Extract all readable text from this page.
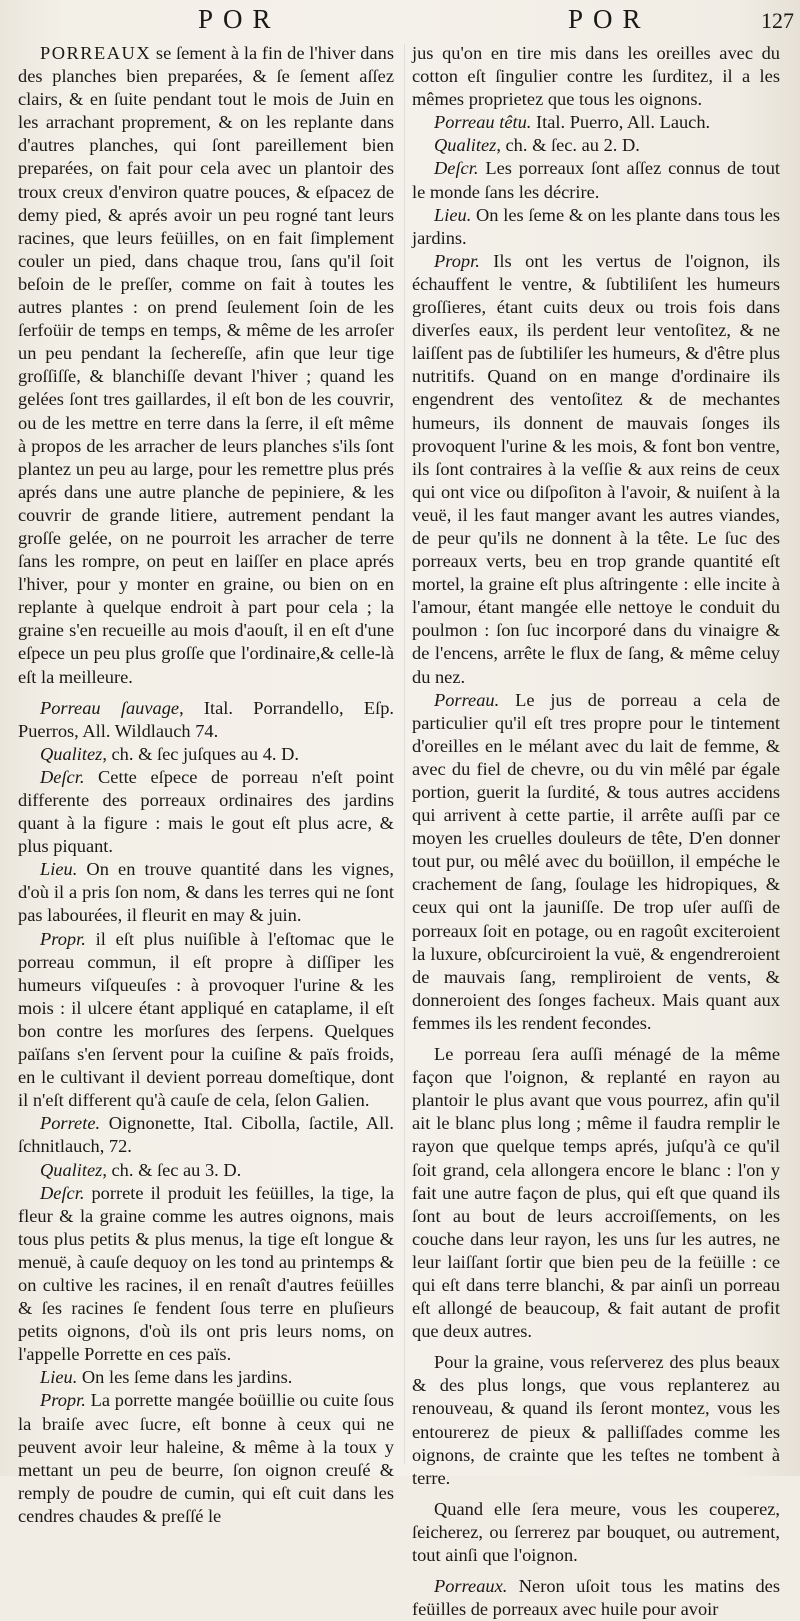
POR	POR	127

PORREAUX se ſement à la fin de l'hiver dans des planches bien preparées, & ſe ſement aſſez clairs, & en ſuite pendant tout le mois de Juin en les arrachant proprement, & on les replante dans d'autres planches, qui ſont pareillement bien preparées, on fait pour cela avec un plantoir des troux creux d'environ quatre pouces, & eſpacez de demy pied, & aprés avoir un peu rogné tant leurs racines, que leurs feüilles, on en fait ſimplement couler un pied, dans chaque trou, ſans qu'il ſoit beſoin de le preſſer, comme on fait à toutes les autres plantes : on prend ſeulement ſoin de les ſerfoüir de temps en temps, & même de les arroſer un peu pendant la ſechereſſe, afin que leur tige groſſiſſe, & blanchiſſe devant l'hiver ; quand les gelées ſont tres gaillardes, il eſt bon de les couvrir, ou de les mettre en terre dans la ſerre, il eſt même à propos de les arracher de leurs planches s'ils ſont plantez un peu au large, pour les remettre plus prés aprés dans une autre planche de pepiniere, & les couvrir de grande litiere, autrement pendant la groſſe gelée, on ne pourroit les arracher de terre ſans les rompre, on peut en laiſſer en place aprés l'hiver, pour y monter en graine, ou bien on en replante à quelque endroit à part pour cela ; la graine s'en recueille au mois d'aouſt, il en eſt d'une eſpece un peu plus groſſe que l'ordinaire,& celle-là eſt la meilleure.

Porreau ſauvage, Ital. Porrandello, Eſp. Puerros, All. Wildlauch 74.

Qualitez, ch. & ſec juſques au 4. D.

Deſcr. Cette eſpece de porreau n'eſt point differente des porreaux ordinaires des jardins quant à la figure : mais le gout eſt plus acre, & plus piquant.

Lieu. On en trouve quantité dans les vignes, d'où il a pris ſon nom, & dans les terres qui ne ſont pas labourées, il fleurit en may & juin.

Propr. il eſt plus nuiſible à l'eſtomac que le porreau commun, il eſt propre à diſſiper les humeurs viſqueuſes : à provoquer l'urine & les mois : il ulcere étant appliqué en cataplame, il eſt bon contre les morſures des ſerpens. Quelques païſans s'en ſervent pour la cuiſine & païs froids, en le cultivant il devient porreau domeſtique, dont il n'eſt different qu'à cauſe de cela, ſelon Galien.

Porrete. Oignonette, Ital. Cibolla, ſactile, All. ſchnitlauch, 72.

Qualitez, ch. & ſec au 3. D.

Deſcr. porrete il produit les feüilles, la tige, la fleur & la graine comme les autres oignons, mais tous plus petits & plus menus, la tige eſt longue & menuë, à cauſe dequoy on les tond au printemps & on cultive les racines, il en renaît d'autres feüilles & ſes racines ſe fendent ſous terre en pluſieurs petits oignons, d'où ils ont pris leurs noms, on l'appelle Porrette en ces païs.

Lieu. On les ſeme dans les jardins.

Propr. La porrette mangée boüillie ou cuite ſous la braiſe avec ſucre, eſt bonne à ceux qui ne peuvent avoir leur haleine, & même à la toux y mettant un peu de beurre, ſon oignon creuſé & remply de poudre de cumin, qui eſt cuit dans les cendres chaudes & preſſé le

jus qu'on en tire mis dans les oreilles avec du cotton eſt ſingulier contre les ſurditez, il a les mêmes proprietez que tous les oignons.

Porreau têtu. Ital. Puerro, All. Lauch.

Qualitez, ch. & ſec. au 2. D.

Deſcr. Les porreaux ſont aſſez connus de tout le monde ſans les décrire.

Lieu. On les ſeme & on les plante dans tous les jardins.

Propr. Ils ont les vertus de l'oignon, ils échauffent le ventre, & ſubtiliſent les humeurs groſſieres, étant cuits deux ou trois fois dans diverſes eaux, ils perdent leur ventoſitez, & ne laiſſent pas de ſubtiliſer les humeurs, & d'être plus nutritifs. Quand on en mange d'ordinaire ils engendrent des ventoſitez & de mechantes humeurs, ils donnent de mauvais ſonges ils provoquent l'urine & les mois, & font bon ventre, ils ſont contraires à la veſſie & aux reins de ceux qui ont vice ou diſpoſiton à l'avoir, & nuiſent à la veuë, il les faut manger avant les autres viandes, de peur qu'ils ne donnent à la tête. Le ſuc des porreaux verts, beu en trop grande quantité eſt mortel, la graine eſt plus aſtringente : elle incite à l'amour, étant mangée elle nettoye le conduit du poulmon : ſon ſuc incorporé dans du vinaigre & de l'encens, arrête le flux de ſang, & même celuy du nez.

Porreau. Le jus de porreau a cela de particulier qu'il eſt tres propre pour le tintement d'oreilles en le mélant avec du lait de femme, & avec du fiel de chevre, ou du vin mêlé par égale portion, guerit la ſurdité, & tous autres accidens qui arrivent à cette partie, il arrête auſſi par ce moyen les cruelles douleurs de tête, D'en donner tout pur, ou mêlé avec du boüillon, il empéche le crachement de ſang, ſoulage les hidropiques, & ceux qui ont la jauniſſe. De trop uſer auſſi de porreaux ſoit en potage, ou en ragoût exciteroient la luxure, obſcurciroient la vuë, & engendreroient de mauvais ſang, rempliroient de vents, & donneroient des ſonges facheux. Mais quant aux femmes ils les rendent fecondes.

Le porreau ſera auſſi ménagé de la même façon que l'oignon, & replanté en rayon au plantoir le plus avant que vous pourrez, afin qu'il ait le blanc plus long ; même il faudra remplir le rayon que quelque temps aprés, juſqu'à ce qu'il ſoit grand, cela allongera encore le blanc : l'on y fait une autre façon de plus, qui eſt que quand ils ſont au bout de leurs accroiſſements, on les couche dans leur rayon, les uns ſur les autres, ne leur laiſſant ſortir que bien peu de la feüille : ce qui eſt dans terre blanchi, & par ainſi un porreau eſt allongé de beaucoup, & fait autant de profit que deux autres.

Pour la graine, vous reſerverez des plus beaux & des plus longs, que vous replanterez au renouveau, & quand ils ſeront montez, vous les entourerez de pieux & palliſſades comme les oignons, de crainte que les teſtes ne tombent à terre.

Quand elle ſera meure, vous les couperez, ſeicherez, ou ſerrerez par bouquet, ou autrement, tout ainſi que l'oignon.

Porreaux. Neron uſoit tous les matins des feüilles de porreaux avec huile pour avoir
